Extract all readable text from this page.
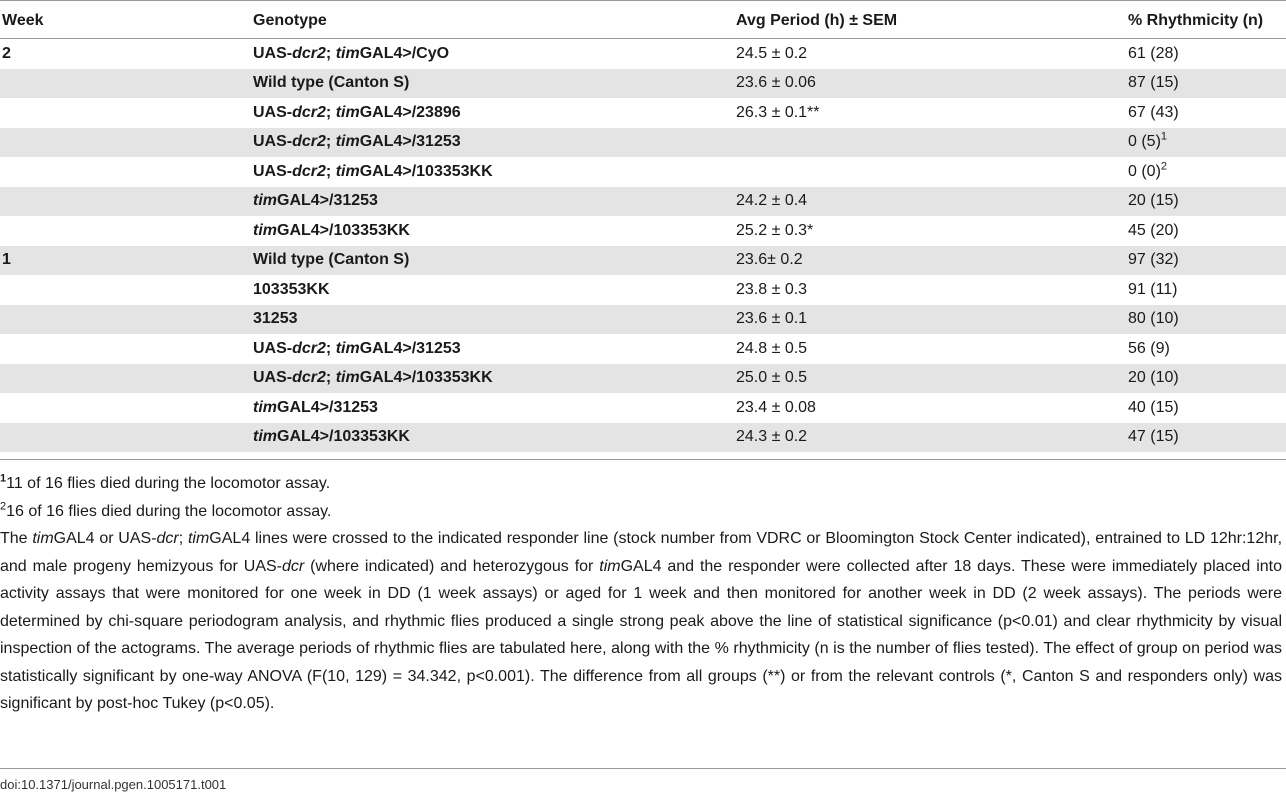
Week	Genotype	Avg Period (h) ± SEM	% Rhythmicity (n)
2	UAS-dcr2; timGAL4>/CyO	24.5 ± 0.2	61 (28)
	Wild type (Canton S)	23.6 ± 0.06	87 (15)
	UAS-dcr2; timGAL4>/23896	26.3 ± 0.1**	67 (43)
	UAS-dcr2; timGAL4>/31253		0 $(5)^1$
	UAS-dcr2; timGAL4>/103353KK		0 $(0)^2$
	timGAL4>/31253	24.2 ± 0.4	20 (15)
	timGAL4>/103353KK	25.2 ± 0.3*	45 (20)
1	Wild type (Canton S)	23.6± 0.2	97 (32)
	103353KK	23.8 ± 0.3	91 (11)
	31253	23.6 ± 0.1	80 (10)
	UAS-dcr2; timGAL4>/31253	24.8 ± 0.5	56 (9)
	UAS-dcr2; timGAL4>/103353KK	25.0 ± 0.5	20 (10)
	timGAL4>/31253	23.4 ± 0.08	40 (15)
	timGAL4>/103353KK	24.3 ± 0.2	47 (15)

$^1$11 of 16 flies died during the locomotor assay.

$^2$16 of 16 flies died during the locomotor assay.

The timGAL4 or UAS-dcr; timGAL4 lines were crossed to the indicated responder line (stock number from VDRC or Bloomington Stock Center indicated), entrained to LD 12hr:12hr, and male progeny hemizyous for UAS-dcr (where indicated) and heterozygous for timGAL4 and the responder were collected after 18 days. These were immediately placed into activity assays that were monitored for one week in DD (1 week assays) or aged for 1 week and then monitored for another week in DD (2 week assays). The periods were determined by chi-square periodogram analysis, and rhythmic flies produced a single strong peak above the line of statistical significance (p<0.01) and clear rhythmicity by visual inspection of the actograms. The average periods of rhythmic flies are tabulated here, along with the % rhythmicity (n is the number of flies tested). The effect of group on period was statistically significant by one-way ANOVA (F(10, 129) = 34.342, p<0.001). The difference from all groups (**) or from the relevant controls (*, Canton S and responders only) was significant by post-hoc Tukey (p<0.05).

doi:10.1371/journal.pgen.1005171.t001
